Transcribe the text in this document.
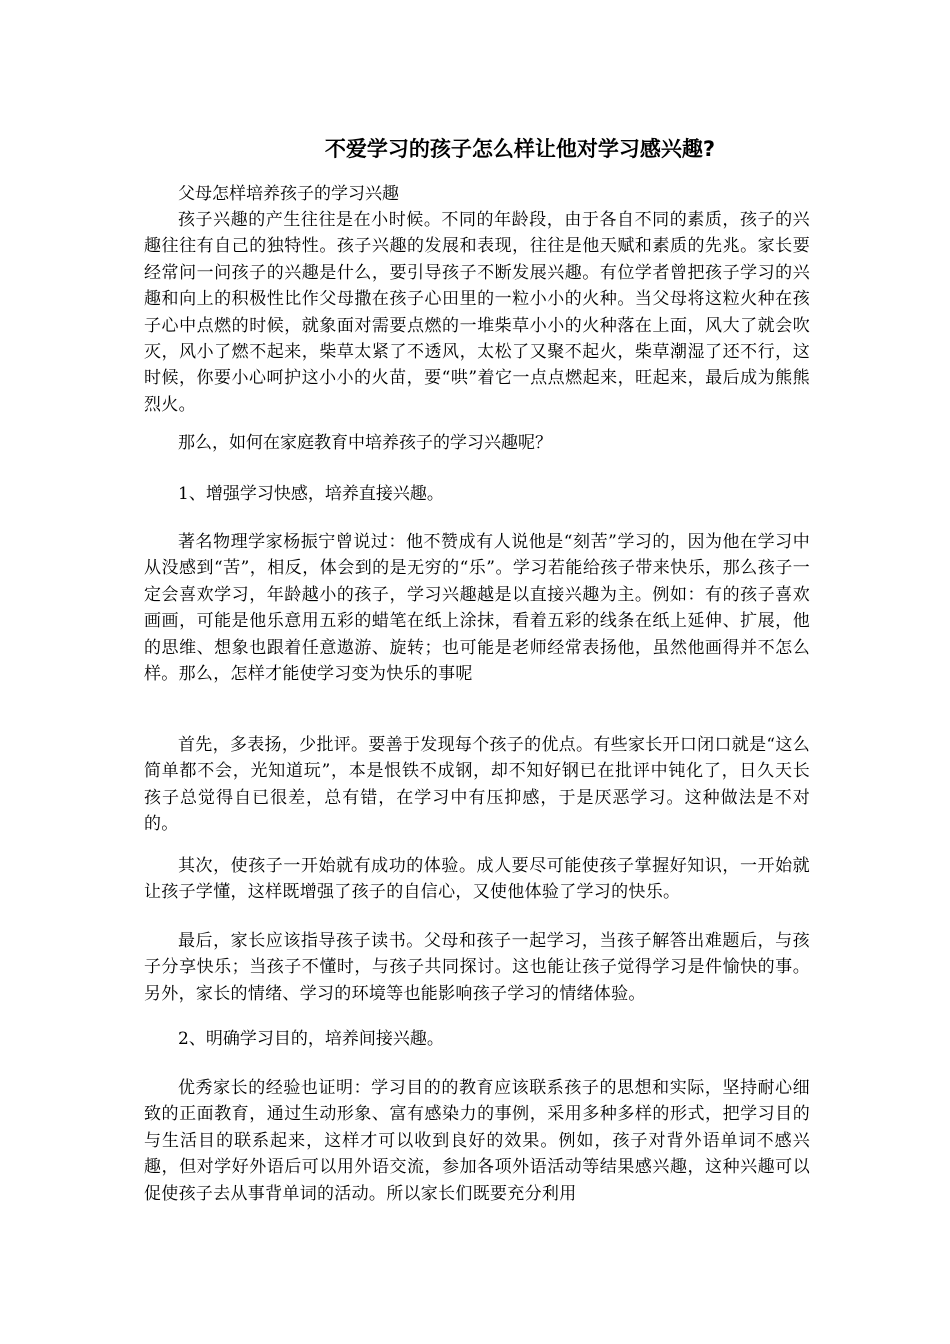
不爱学习的孩子怎么样让他对学习感兴趣?

父母怎样培养孩子的学习兴趣

孩子兴趣的产生往往是在小时候。不同的年龄段，由于各自不同的素质，孩子的兴趣往往有自己的独特性。孩子兴趣的发展和表现，往往是他天赋和素质的先兆。家长要经常问一问孩子的兴趣是什么，要引导孩子不断发展兴趣。有位学者曾把孩子学习的兴趣和向上的积极性比作父母撒在孩子心田里的一粒小小的火种。当父母将这粒火种在孩子心中点燃的时候，就象面对需要点燃的一堆柴草小小的火种落在上面，风大了就会吹灭，风小了燃不起来，柴草太紧了不透风，太松了又聚不起火，柴草潮湿了还不行，这时候，你要小心呵护这小小的火苗，要“哄”着它一点点燃起来，旺起来，最后成为熊熊烈火。

那么，如何在家庭教育中培养孩子的学习兴趣呢？

1、增强学习快感，培养直接兴趣。

著名物理学家杨振宁曾说过：他不赞成有人说他是“刻苦”学习的，因为他在学习中从没感到“苦”，相反，体会到的是无穷的“乐”。学习若能给孩子带来快乐，那么孩子一定会喜欢学习，年龄越小的孩子，学习兴趣越是以直接兴趣为主。例如：有的孩子喜欢画画，可能是他乐意用五彩的蜡笔在纸上涂抹，看着五彩的线条在纸上延伸、扩展，他的思维、想象也跟着任意遨游、旋转；也可能是老师经常表扬他，虽然他画得并不怎么样。那么，怎样才能使学习变为快乐的事呢

首先，多表扬，少批评。要善于发现每个孩子的优点。有些家长开口闭口就是“这么简单都不会，光知道玩”，本是恨铁不成钢，却不知好钢已在批评中钝化了，日久天长孩子总觉得自已很差，总有错，在学习中有压抑感，于是厌恶学习。这种做法是不对的。

其次，使孩子一开始就有成功的体验。成人要尽可能使孩子掌握好知识，一开始就让孩子学懂，这样既增强了孩子的自信心，又使他体验了学习的快乐。

最后，家长应该指导孩子读书。父母和孩子一起学习，当孩子解答出难题后，与孩子分享快乐；当孩子不懂时，与孩子共同探讨。这也能让孩子觉得学习是件愉快的事。另外，家长的情绪、学习的环境等也能影响孩子学习的情绪体验。

2、明确学习目的，培养间接兴趣。

优秀家长的经验也证明：学习目的的教育应该联系孩子的思想和实际，坚持耐心细致的正面教育，通过生动形象、富有感染力的事例，采用多种多样的形式，把学习目的与生活目的联系起来，这样才可以收到良好的效果。例如，孩子对背外语单词不感兴趣，但对学好外语后可以用外语交流，参加各项外语活动等结果感兴趣，这种兴趣可以促使孩子去从事背单词的活动。所以家长们既要充分利用
